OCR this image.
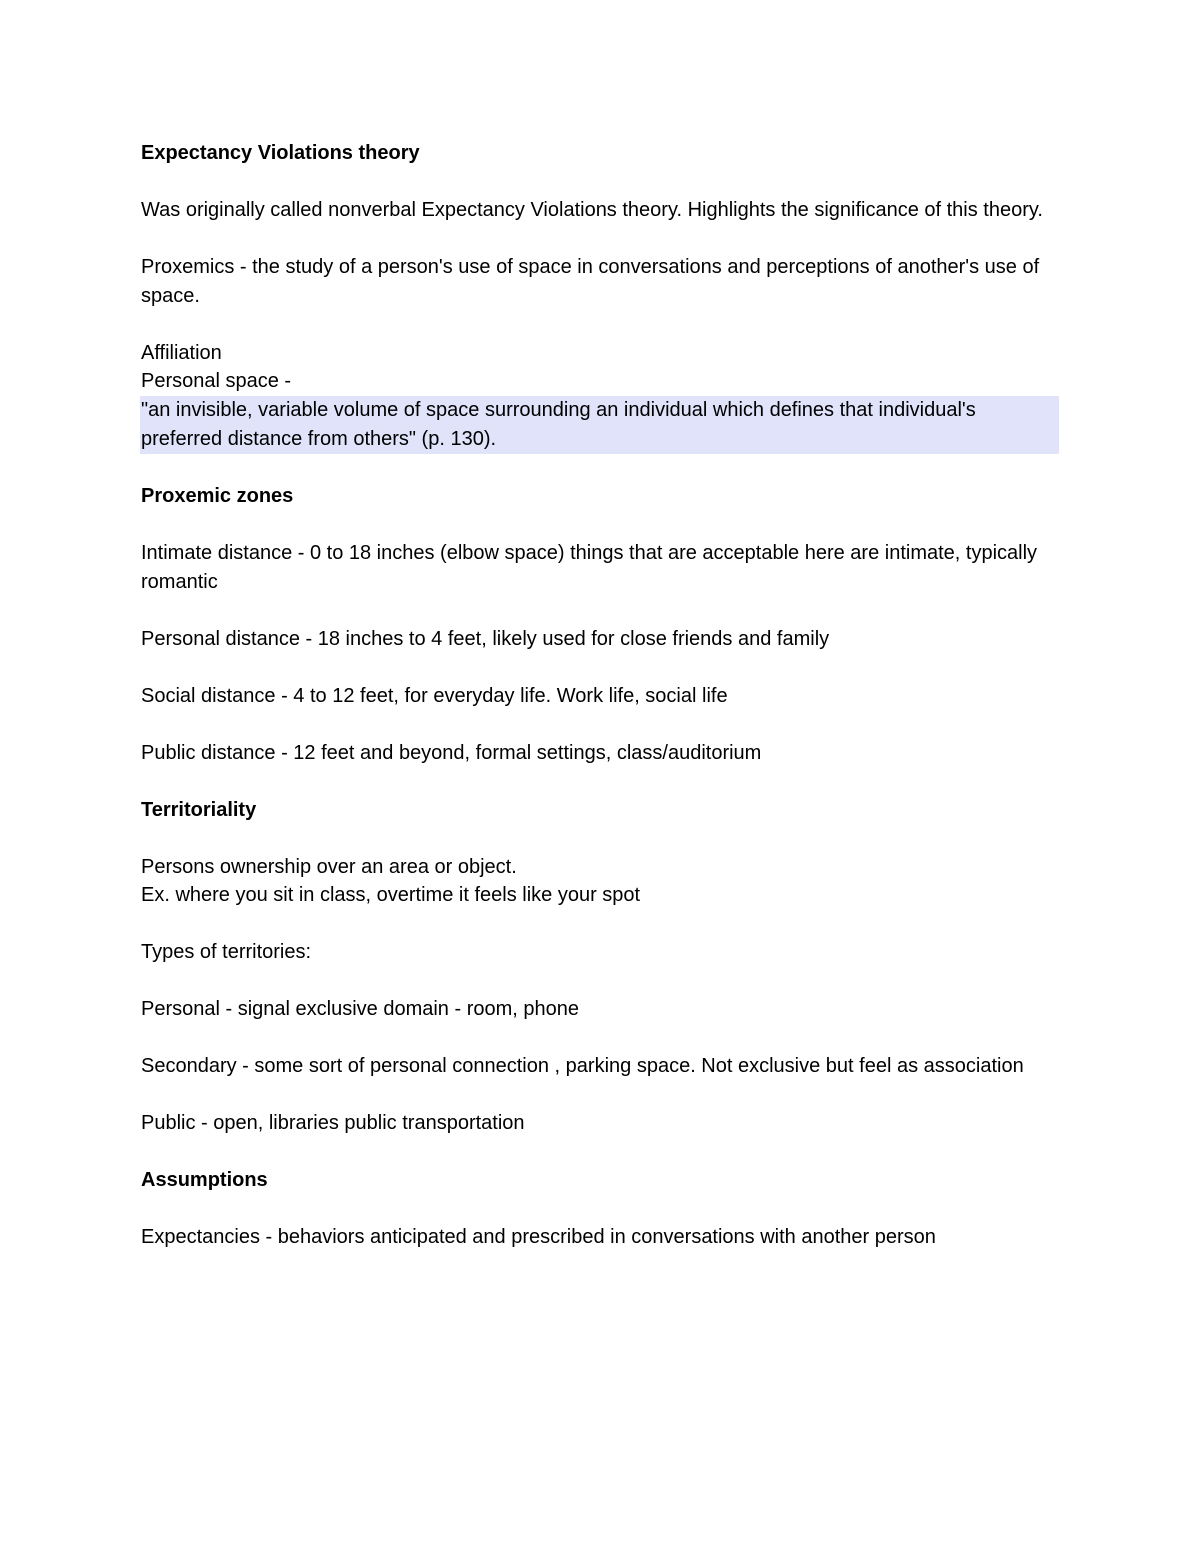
Expectancy Violations theory

Was originally called nonverbal Expectancy Violations theory. Highlights the significance of this theory.

Proxemics - the study of a person's use of space in conversations and perceptions of another's use of space.

Affiliation

Personal space -

"an invisible, variable volume of space surrounding an individual which defines that individual's preferred distance from others" (p. 130).

Proxemic zones

Intimate distance - 0 to 18 inches (elbow space) things that are acceptable here are intimate, typically romantic

Personal distance - 18 inches to 4 feet, likely used for close friends and family

Social distance - 4 to 12 feet, for everyday life. Work life, social life

Public distance - 12 feet and beyond, formal settings, class/auditorium

Territoriality

Persons ownership over an area or object.

Ex. where you sit in class, overtime it feels like your spot

Types of territories:

Personal - signal exclusive domain - room, phone

Secondary - some sort of personal connection , parking space. Not exclusive but feel as association

Public - open, libraries public transportation

Assumptions

Expectancies - behaviors anticipated and prescribed in conversations with another person
